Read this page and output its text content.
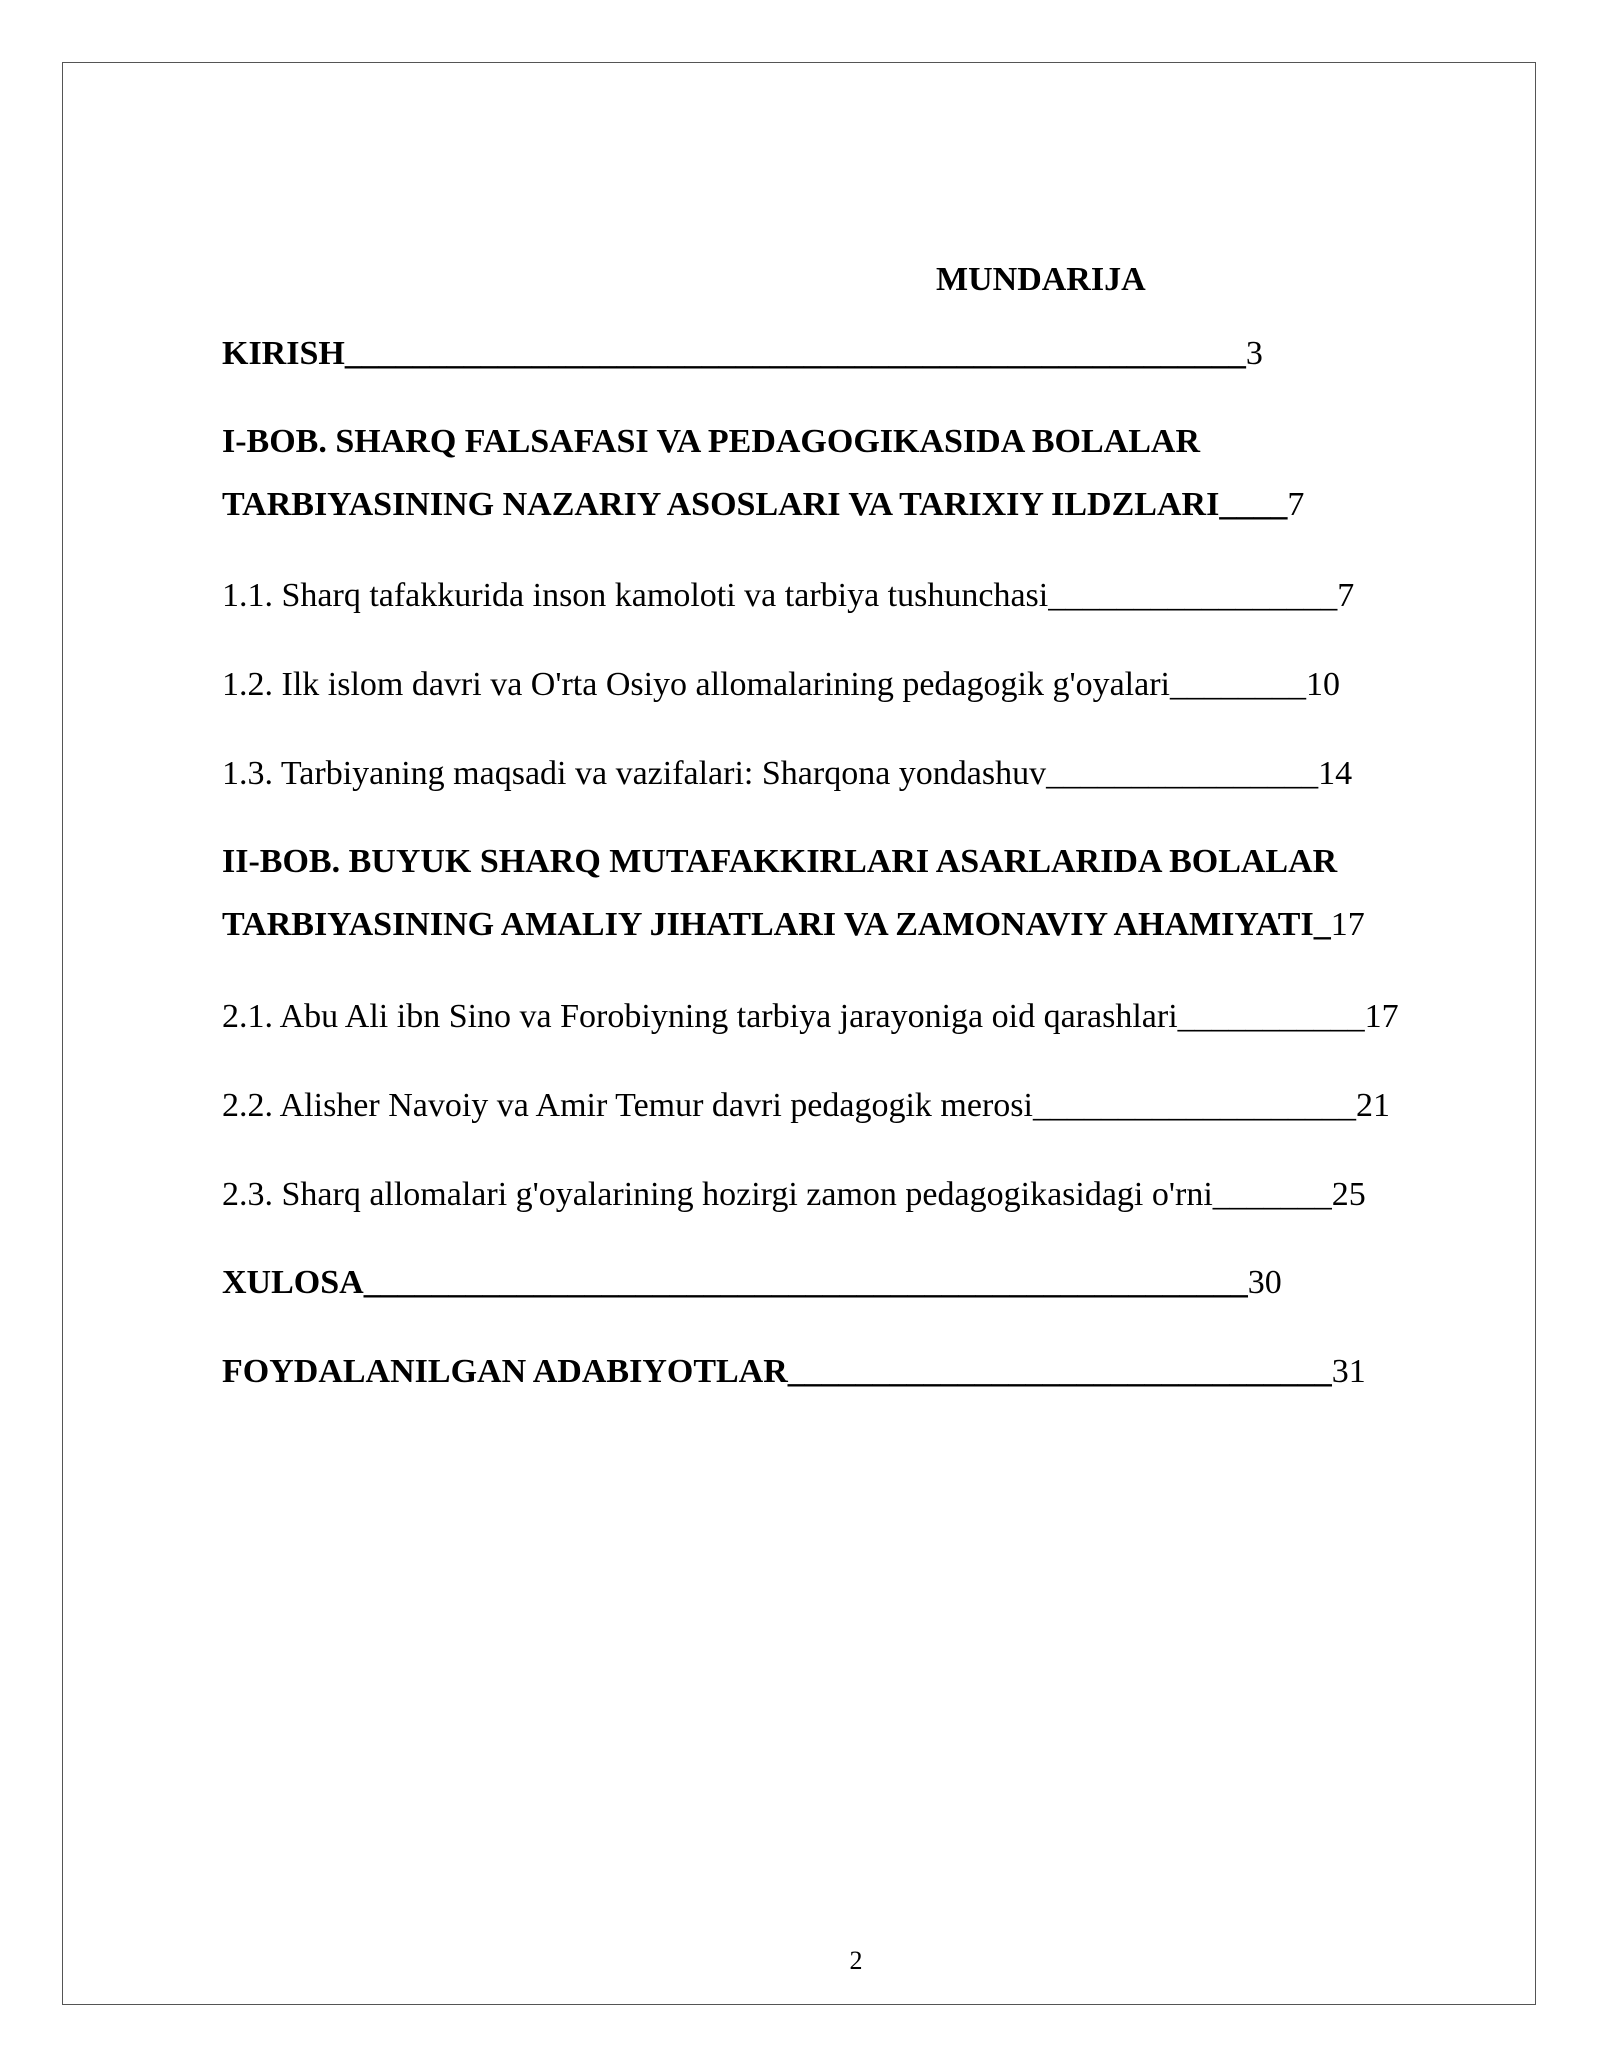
MUNDARIJA
KIRISH_____________________________________________________3
I-BOB. SHARQ FALSAFASI VA PEDAGOGIKASIDA BOLALAR
TARBIYASINING NAZARIY ASOSLARI VA TARIXIY ILDZLARI____7
1.1. Sharq tafakkurida inson kamoloti va tarbiya tushunchasi_________________7
1.2. Ilk islom davri va O'rta Osiyo allomalarining pedagogik g'oyalari________10
1.3. Tarbiyaning maqsadi va vazifalari: Sharqona yondashuv________________14
II-BOB. BUYUK SHARQ MUTAFAKKIRLARI ASARLARIDA BOLALAR
TARBIYASINING AMALIY JIHATLARI VA ZAMONAVIY AHAMIYATI_17
2.1. Abu Ali ibn Sino va Forobiyning tarbiya jarayoniga oid qarashlari___________17
2.2. Alisher Navoiy va Amir Temur davri pedagogik merosi___________________21
2.3. Sharq allomalari g'oyalarining hozirgi zamon pedagogikasidagi o'rni_______25
XULOSA____________________________________________________30
FOYDALANILGAN ADABIYOTLAR________________________________31
2
